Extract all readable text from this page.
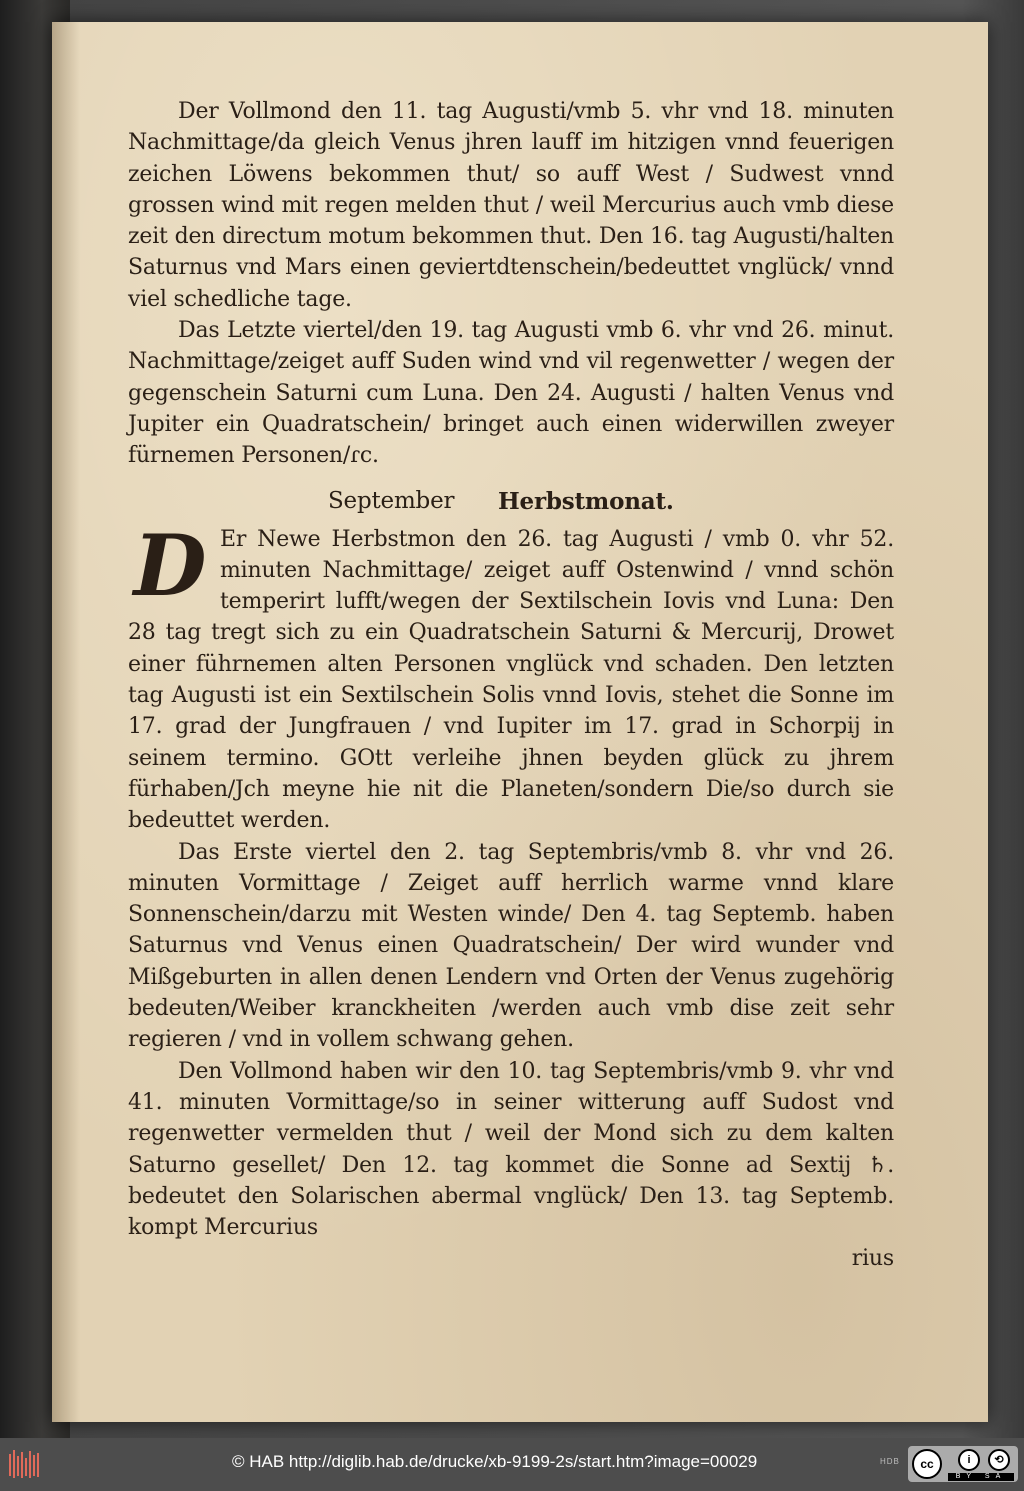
Der Vollmond den 11. tag Augusti/vmb 5. vhr vnd 18. minuten Nachmittage/da gleich Venus jhren lauff im hitzigen vnnd feuerigen zeichen Löwens bekommen thut/ so auff West / Sudwest vnnd grossen wind mit regen melden thut / weil Mercurius auch vmb diese zeit den directum motum bekommen thut. Den 16. tag Augusti/halten Saturnus vnd Mars einen geviertdtenschein/bedeuttet vnglück/ vnnd viel schedliche tage.

Das Letzte viertel/den 19. tag Augusti vmb 6. vhr vnd 26. minut. Nachmittage/zeiget auff Suden wind vnd vil regenwetter / wegen der gegenschein Saturni cum Luna. Den 24. Augusti / halten Venus vnd Jupiter ein Quadratschein/ bringet auch einen widerwillen zweyer fürnemen Personen/ɾc.

September Herbstmonat.
D Er Newe Herbstmon den 26. tag Augusti / vmb 0. vhr 52. minuten Nachmittage/ zeiget auff Ostenwind / vnnd schön temperirt lufft/wegen der Sextilschein Iovis vnd Luna: Den 28 tag tregt sich zu ein Quadratschein Saturni & Mercurij, Drowet einer führnemen alten Personen vnglück vnd schaden. Den letzten tag Augusti ist ein Sextilschein Solis vnnd Iovis, stehet die Sonne im 17. grad der Jungfrauen / vnd Iupiter im 17. grad in Schorpij in seinem termino. GOtt verleihe jhnen beyden glück zu jhrem fürhaben/Jch meyne hie nit die Planeten/sondern Die/so durch sie bedeuttet werden.

Das Erste viertel den 2. tag Septembris/vmb 8. vhr vnd 26. minuten Vormittage / Zeiget auff herrlich warme vnnd klare Sonnenschein/darzu mit Westen winde/ Den 4. tag Septemb. haben Saturnus vnd Venus einen Quadratschein/ Der wird wunder vnd Mißgeburten in allen denen Lendern vnd Orten der Venus zugehörig bedeuten/Weiber kranckheiten /werden auch vmb dise zeit sehr regieren / vnd in vollem schwang gehen.

Den Vollmond haben wir den 10. tag Septembris/vmb 9. vhr vnd 41. minuten Vormittage/so in seiner witterung auff Sudost vnd regenwetter vermelden thut / weil der Mond sich zu dem kalten Saturno gesellet/ Den 12. tag kommet die Sonne ad Sextij ♄. bedeutet den Solarischen abermal vnglück/ Den 13. tag Septemb. kompt Mercurius

rius
© HAB http://diglib.hab.de/drucke/xb-9199-2s/start.htm?image=00029	HDB	cc	i	⟲
BY SA
